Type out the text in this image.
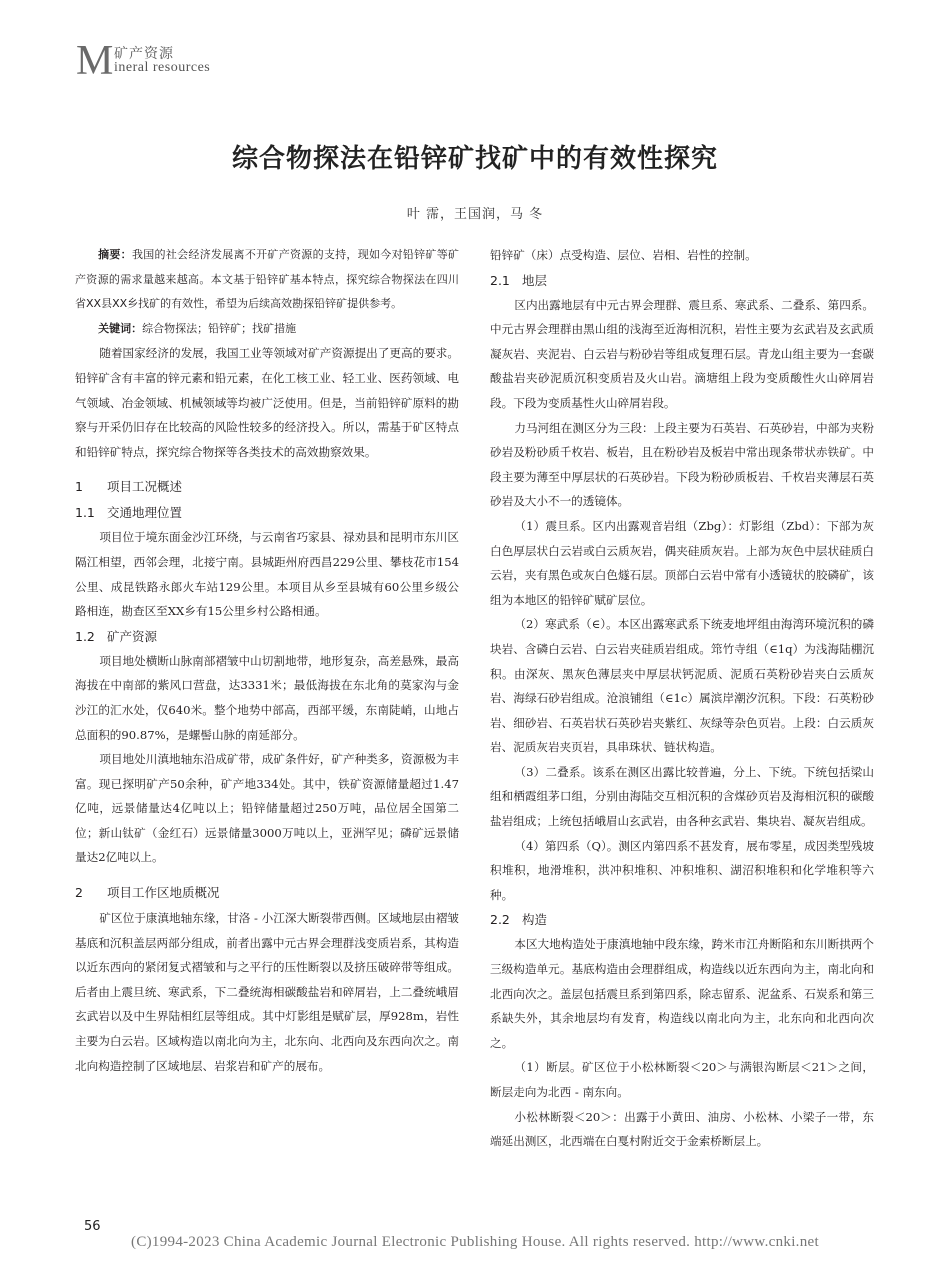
M 矿产资源
ineral resources
综合物探法在铅锌矿找矿中的有效性探究
叶 霈，王国润，马 冬

摘要：我国的社会经济发展离不开矿产资源的支持，现如今对铅锌矿等矿产资源的需求量越来越高。本文基于铅锌矿基本特点，探究综合物探法在四川省XX县XX乡找矿的有效性，希望为后续高效勘探铅锌矿提供参考。

关键词：综合物探法；铅锌矿；找矿措施

随着国家经济的发展，我国工业等领域对矿产资源提出了更高的要求。铅锌矿含有丰富的锌元素和铅元素，在化工核工业、轻工业、医药领域、电气领域、冶金领域、机械领域等均被广泛使用。但是，当前铅锌矿原料的勘察与开采仍旧存在比较高的风险性较多的经济投入。所以，需基于矿区特点和铅锌矿特点，探究综合物探等各类技术的高效勘察效果。

1 项目工况概述
1.1 交通地理位置

项目位于境东面金沙江环绕，与云南省巧家县、禄劝县和昆明市东川区隔江相望，西邻会理，北接宁南。县城距州府西昌229公里、攀枝花市154公里、成昆铁路永郎火车站129公里。本项目从乡至县城有60公里乡级公路相连，勘查区至XX乡有15公里乡村公路相通。

1.2 矿产资源

项目地处横断山脉南部褶皱中山切割地带，地形复杂，高差悬殊，最高海拔在中南部的紫风口营盘，达3331米；最低海拔在东北角的莫家沟与金沙江的汇水处，仅640米。整个地势中部高，西部平缓，东南陡峭，山地占总面积的90.87%，是螺髻山脉的南延部分。

项目地处川滇地轴东沿成矿带，成矿条件好，矿产种类多，资源极为丰富。现已探明矿产50余种，矿产地334处。其中，铁矿资源储量超过1.47亿吨，远景储量达4亿吨以上；铅锌储量超过250万吨，品位居全国第二位；新山钛矿（金红石）远景储量3000万吨以上，亚洲罕见；磷矿远景储量达2亿吨以上。

2 项目工作区地质概况

矿区位于康滇地轴东缘，甘洛 - 小江深大断裂带西侧。区域地层由褶皱基底和沉积盖层两部分组成，前者出露中元古界会理群浅变质岩系，其构造以近东西向的紧闭复式褶皱和与之平行的压性断裂以及挤压破碎带等组成。后者由上震旦统、寒武系，下二叠统海相碳酸盐岩和碎屑岩，上二叠统峨眉玄武岩以及中生界陆相红层等组成。其中灯影组是赋矿层，厚928m，岩性主要为白云岩。区域构造以南北向为主，北东向、北西向及东西向次之。南北向构造控制了区域地层、岩浆岩和矿产的展布。

铅锌矿（床）点受构造、层位、岩相、岩性的控制。

2.1 地层

区内出露地层有中元古界会理群、震旦系、寒武系、二叠系、第四系。中元古界会理群由黑山组的浅海至近海相沉积，岩性主要为玄武岩及玄武质凝灰岩、夹泥岩、白云岩与粉砂岩等组成复理石层。青龙山组主要为一套碳酸盐岩夹砂泥质沉积变质岩及火山岩。滴塘组上段为变质酸性火山碎屑岩段。下段为变质基性火山碎屑岩段。

力马河组在测区分为三段：上段主要为石英岩、石英砂岩，中部为夹粉砂岩及粉砂质千枚岩、板岩，且在粉砂岩及板岩中常出现条带状赤铁矿。中段主要为薄至中厚层状的石英砂岩。下段为粉砂质板岩、千枚岩夹薄层石英砂岩及大小不一的透镜体。

（1）震旦系。区内出露观音岩组（Zbg）：灯影组（Zbd）：下部为灰白色厚层状白云岩或白云质灰岩，偶夹硅质灰岩。上部为灰色中层状硅质白云岩，夹有黑色或灰白色燧石层。顶部白云岩中常有小透镜状的胶磷矿，该组为本地区的铅锌矿赋矿层位。

（2）寒武系（∈）。本区出露寒武系下统麦地坪组由海湾环境沉积的磷块岩、含磷白云岩、白云岩夹硅质岩组成。筇竹寺组（∈1q）为浅海陆棚沉积。由深灰、黑灰色薄层夹中厚层状钙泥质、泥质石英粉砂岩夹白云质灰岩、海绿石砂岩组成。沧浪铺组（∈1c）属滨岸潮汐沉积。下段：石英粉砂岩、细砂岩、石英岩状石英砂岩夹紫红、灰绿等杂色页岩。上段：白云质灰岩、泥质灰岩夹页岩，具串珠状、链状构造。

（3）二叠系。该系在测区出露比较普遍，分上、下统。下统包括梁山组和栖霞组茅口组，分别由海陆交互相沉积的含煤砂页岩及海相沉积的碳酸盐岩组成；上统包括峨眉山玄武岩，由各种玄武岩、集块岩、凝灰岩组成。

（4）第四系（Q）。测区内第四系不甚发育，展布零星，成因类型残坡积堆积，地滑堆积，洪冲积堆积、冲积堆积、湖沼积堆积和化学堆积等六种。

2.2 构造

本区大地构造处于康滇地轴中段东缘，跨米市江舟断陷和东川断拱两个三级构造单元。基底构造由会理群组成，构造线以近东西向为主，南北向和北西向次之。盖层包括震旦系到第四系，除志留系、泥盆系、石炭系和第三系缺失外，其余地层均有发育，构造线以南北向为主，北东向和北西向次之。

（1）断层。矿区位于小松林断裂＜20＞与满银沟断层＜21＞之间，断层走向为北西 - 南东向。

小松林断裂＜20＞：出露于小黄田、油房、小松林、小梁子一带，东端延出测区，北西端在白戛村附近交于金索桥断层上。

56
(C)1994-2023 China Academic Journal Electronic Publishing House. All rights reserved. http://www.cnki.net
